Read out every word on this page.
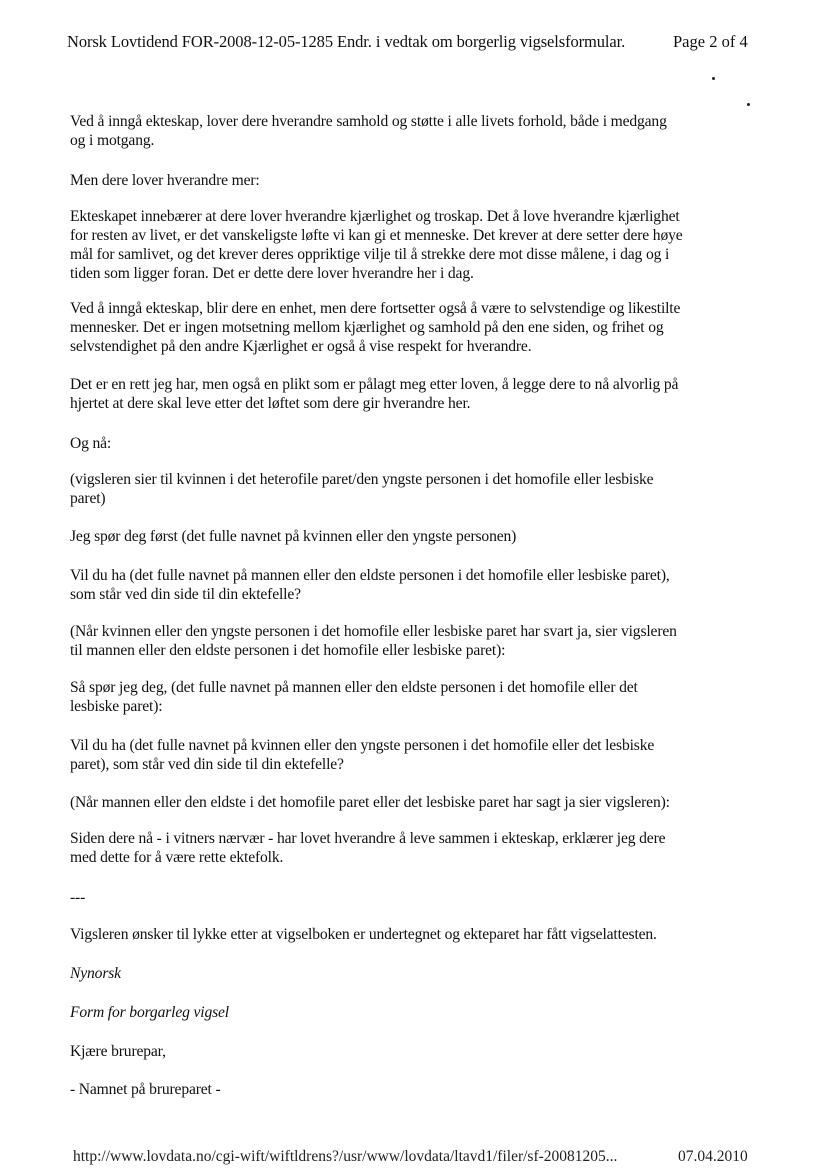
Norsk Lovtidend FOR-2008-12-05-1285 Endr. i vedtak om borgerlig vigselsformular.	Page 2 of 4
Ved å inngå ekteskap, lover dere hverandre samhold og støtte i alle livets forhold, både i medgang
og i motgang.
Men dere lover hverandre mer:
Ekteskapet innebærer at dere lover hverandre kjærlighet og troskap. Det å love hverandre kjærlighet
for resten av livet, er det vanskeligste løfte vi kan gi et menneske. Det krever at dere setter dere høye
mål for samlivet, og det krever deres oppriktige vilje til å strekke dere mot disse målene, i dag og i
tiden som ligger foran. Det er dette dere lover hverandre her i dag.
Ved å inngå ekteskap, blir dere en enhet, men dere fortsetter også å være to selvstendige og likestilte
mennesker. Det er ingen motsetning mellom kjærlighet og samhold på den ene siden, og frihet og
selvstendighet på den andre Kjærlighet er også å vise respekt for hverandre.
Det er en rett jeg har, men også en plikt som er pålagt meg etter loven, å legge dere to nå alvorlig på
hjertet at dere skal leve etter det løftet som dere gir hverandre her.
Og nå:
(vigsleren sier til kvinnen i det heterofile paret/den yngste personen i det homofile eller lesbiske
paret)
Jeg spør deg først (det fulle navnet på kvinnen eller den yngste personen)
Vil du ha (det fulle navnet på mannen eller den eldste personen i det homofile eller lesbiske paret),
som står ved din side til din ektefelle?
(Når kvinnen eller den yngste personen i det homofile eller lesbiske paret har svart ja, sier vigsleren
til mannen eller den eldste personen i det homofile eller lesbiske paret):
Så spør jeg deg, (det fulle navnet på mannen eller den eldste personen i det homofile eller det
lesbiske paret):
Vil du ha (det fulle navnet på kvinnen eller den yngste personen i det homofile eller det lesbiske
paret), som står ved din side til din ektefelle?
(Når mannen eller den eldste i det homofile paret eller det lesbiske paret har sagt ja sier vigsleren):
Siden dere nå - i vitners nærvær - har lovet hverandre å leve sammen i ekteskap, erklærer jeg dere
med dette for å være rette ektefolk.
---
Vigsleren ønsker til lykke etter at vigselboken er undertegnet og ekteparet har fått vigselattesten.
Nynorsk
Form for borgarleg vigsel
Kjære brurepar,
- Namnet på brureparet -
http://www.lovdata.no/cgi-wift/wiftldrens?/usr/www/lovdata/ltavd1/filer/sf-20081205...	07.04.2010
